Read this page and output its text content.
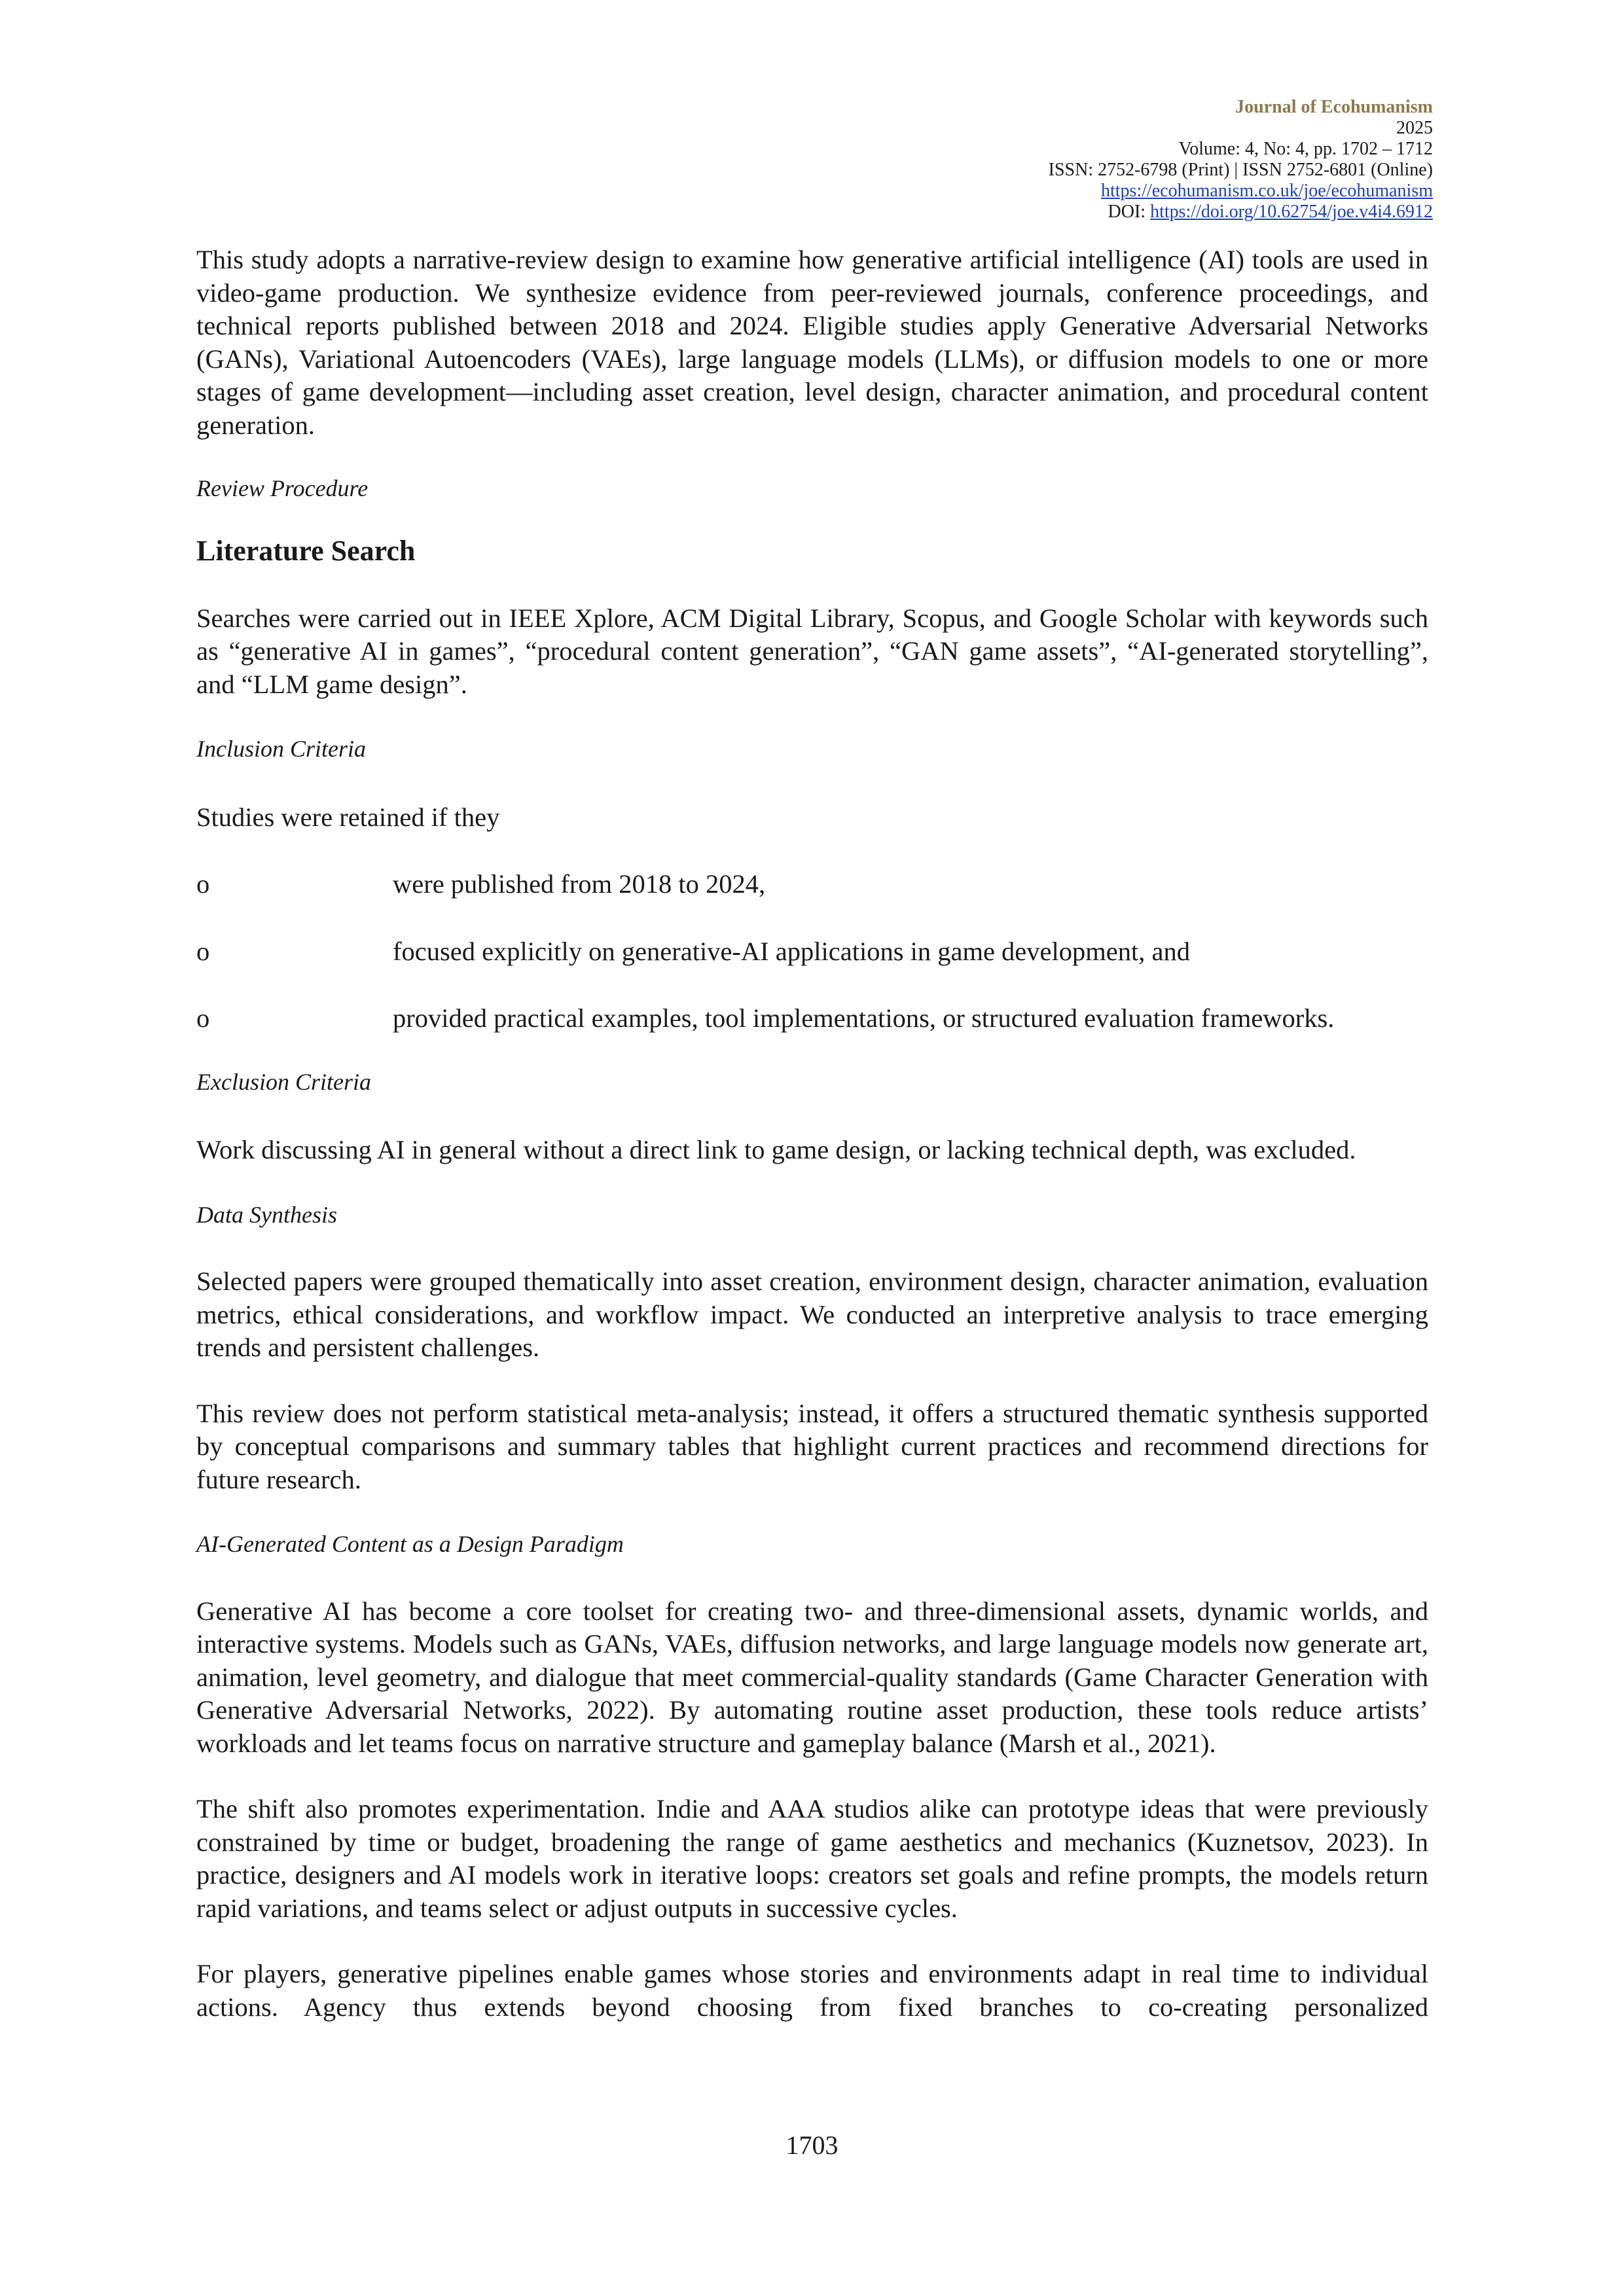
Journal of Ecohumanism
2025
Volume: 4, No: 4, pp. 1702 – 1712
ISSN: 2752-6798 (Print) | ISSN 2752-6801 (Online)
https://ecohumanism.co.uk/joe/ecohumanism
DOI: https://doi.org/10.62754/joe.v4i4.6912

This study adopts a narrative-review design to examine how generative artificial intelligence (AI) tools are used in video-game production. We synthesize evidence from peer-reviewed journals, conference proceedings, and technical reports published between 2018 and 2024. Eligible studies apply Generative Adversarial Networks (GANs), Variational Autoencoders (VAEs), large language models (LLMs), or diffusion models to one or more stages of game development—including asset creation, level design, character animation, and procedural content generation.

Review Procedure

Literature Search

Searches were carried out in IEEE Xplore, ACM Digital Library, Scopus, and Google Scholar with keywords such as “generative AI in games”, “procedural content generation”, “GAN game assets”, “AI-generated storytelling”, and “LLM game design”.

Inclusion Criteria

Studies were retained if they

o	were published from 2018 to 2024,
o	focused explicitly on generative-AI applications in game development, and
o	provided practical examples, tool implementations, or structured evaluation frameworks.

Exclusion Criteria

Work discussing AI in general without a direct link to game design, or lacking technical depth, was excluded.

Data Synthesis

Selected papers were grouped thematically into asset creation, environment design, character animation, evaluation metrics, ethical considerations, and workflow impact. We conducted an interpretive analysis to trace emerging trends and persistent challenges.

This review does not perform statistical meta-analysis; instead, it offers a structured thematic synthesis supported by conceptual comparisons and summary tables that highlight current practices and recommend directions for future research.

AI-Generated Content as a Design Paradigm

Generative AI has become a core toolset for creating two- and three-dimensional assets, dynamic worlds, and interactive systems. Models such as GANs, VAEs, diffusion networks, and large language models now generate art, animation, level geometry, and dialogue that meet commercial-quality standards (Game Character Generation with Generative Adversarial Networks, 2022). By automating routine asset production, these tools reduce artists’ workloads and let teams focus on narrative structure and gameplay balance (Marsh et al., 2021).

The shift also promotes experimentation. Indie and AAA studios alike can prototype ideas that were previously constrained by time or budget, broadening the range of game aesthetics and mechanics (Kuznetsov, 2023). In practice, designers and AI models work in iterative loops: creators set goals and refine prompts, the models return rapid variations, and teams select or adjust outputs in successive cycles.

For players, generative pipelines enable games whose stories and environments adapt in real time to individual actions. Agency thus extends beyond choosing from fixed branches to co-creating personalized

1703
